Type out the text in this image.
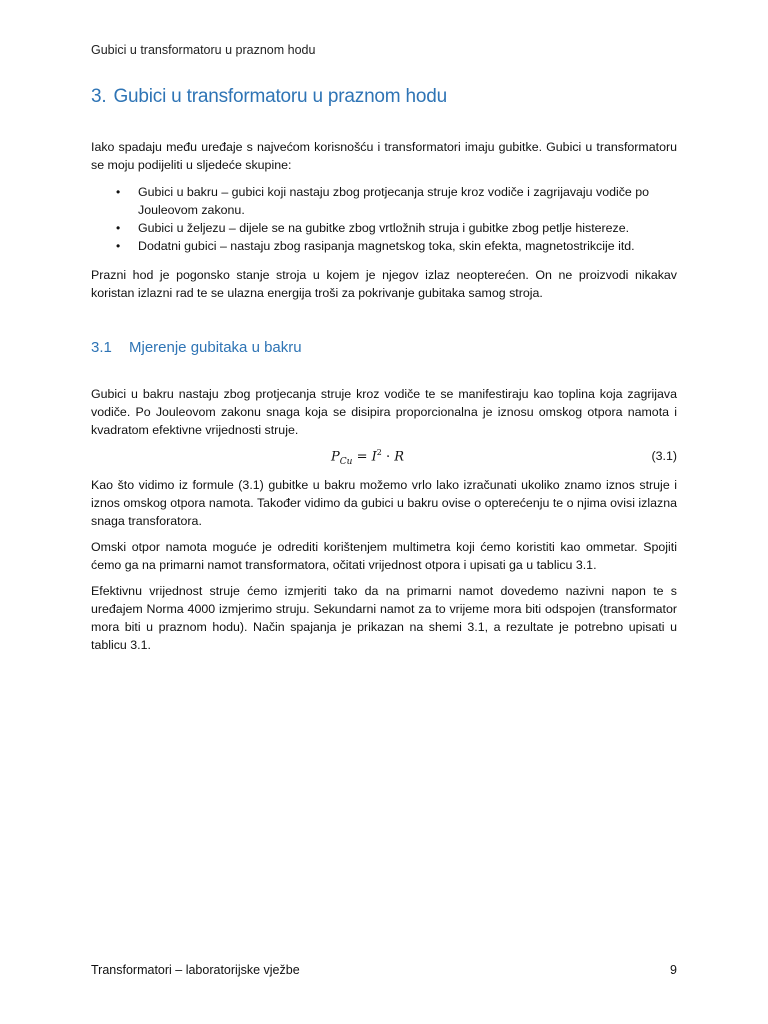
Gubici u transformatoru u praznom hodu
3. Gubici u transformatoru u praznom hodu

Iako spadaju među uređaje s najvećom korisnošću i transformatori imaju gubitke. Gubici u transformatoru se moju podijeliti u sljedeće skupine:

• Gubici u bakru – gubici koji nastaju zbog protjecanja struje kroz vodiče i zagrijavaju vodiče po Jouleovom zakonu.
• Gubici u željezu – dijele se na gubitke zbog vrtložnih struja i gubitke zbog petlje histereze.
• Dodatni gubici – nastaju zbog rasipanja magnetskog toka, skin efekta, magnetostrikcije itd.

Prazni hod je pogonsko stanje stroja u kojem je njegov izlaz neopterećen. On ne proizvodi nikakav koristan izlazni rad te se ulazna energija troši za pokrivanje gubitaka samog stroja.

3.1 Mjerenje gubitaka u bakru

Gubici u bakru nastaju zbog protjecanja struje kroz vodiče te se manifestiraju kao toplina koja zagrijava vodiče. Po Jouleovom zakonu snaga koja se disipira proporcionalna je iznosu omskog otpora namota i kvadratom efektivne vrijednosti struje.

$P_{Cu} = I^2 \cdot R$	(3.1)

Kao što vidimo iz formule (3.1) gubitke u bakru možemo vrlo lako izračunati ukoliko znamo iznos struje i iznos omskog otpora namota. Također vidimo da gubici u bakru ovise o opterećenju te o njima ovisi izlazna snaga transforatora.

Omski otpor namota moguće je odrediti korištenjem multimetra koji ćemo koristiti kao ommetar. Spojiti ćemo ga na primarni namot transformatora, očitati vrijednost otpora i upisati ga u tablicu 3.1.

Efektivnu vrijednost struje ćemo izmjeriti tako da na primarni namot dovedemo nazivni napon te s uređajem Norma 4000 izmjerimo struju. Sekundarni namot za to vrijeme mora biti odspojen (transformator mora biti u praznom hodu). Način spajanja je prikazan na shemi 3.1, a rezultate je potrebno upisati u tablicu 3.1.

Transformatori – laboratorijske vježbe	9
